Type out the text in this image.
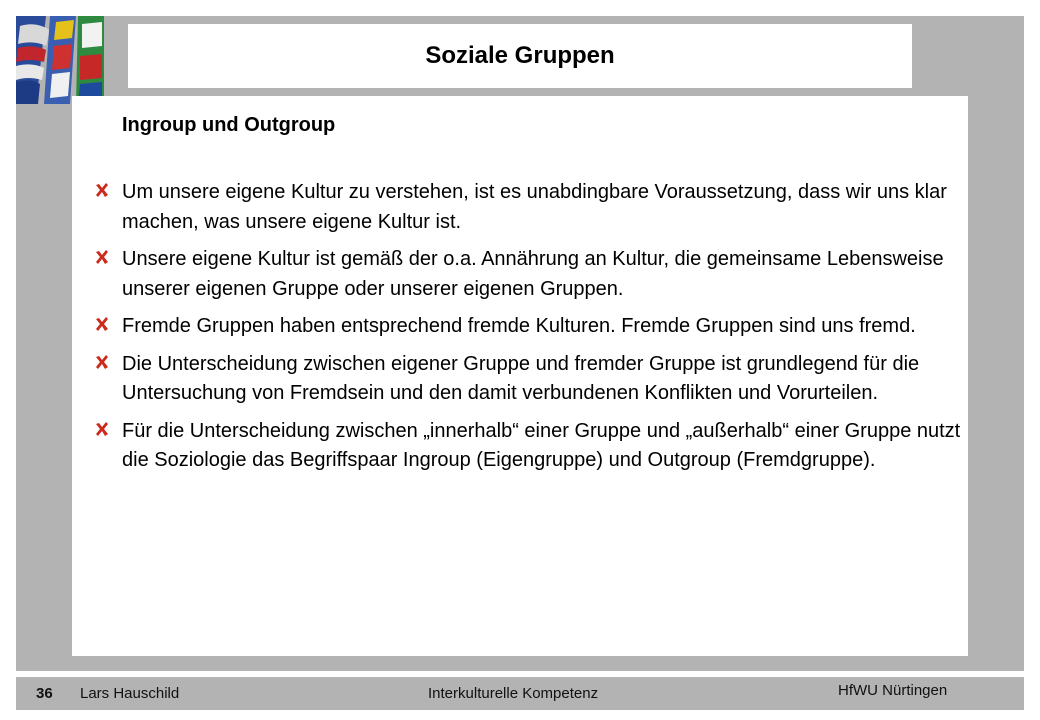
Soziale Gruppen
Ingroup und Outgroup
Um unsere eigene Kultur zu verstehen, ist es unabdingbare Voraussetzung, dass wir uns klar machen, was unsere eigene Kultur ist.
Unsere eigene Kultur ist gemäß der o.a. Annährung an Kultur, die gemeinsame Lebensweise unserer eigenen Gruppe oder unserer eigenen Gruppen.
Fremde Gruppen haben entsprechend fremde Kulturen. Fremde Gruppen sind uns fremd.
Die Unterscheidung zwischen eigener Gruppe und fremder Gruppe ist grundlegend für die Untersuchung von Fremdsein und den damit verbundenen Konflikten und Vorurteilen.
Für die Unterscheidung zwischen „innerhalb“ einer Gruppe und „außerhalb“ einer Gruppe nutzt die Soziologie das Begriffspaar Ingroup (Eigengruppe) und Outgroup (Fremdgruppe).
36 Lars Hauschild	Interkulturelle Kompetenz	HfWU Nürtingen
